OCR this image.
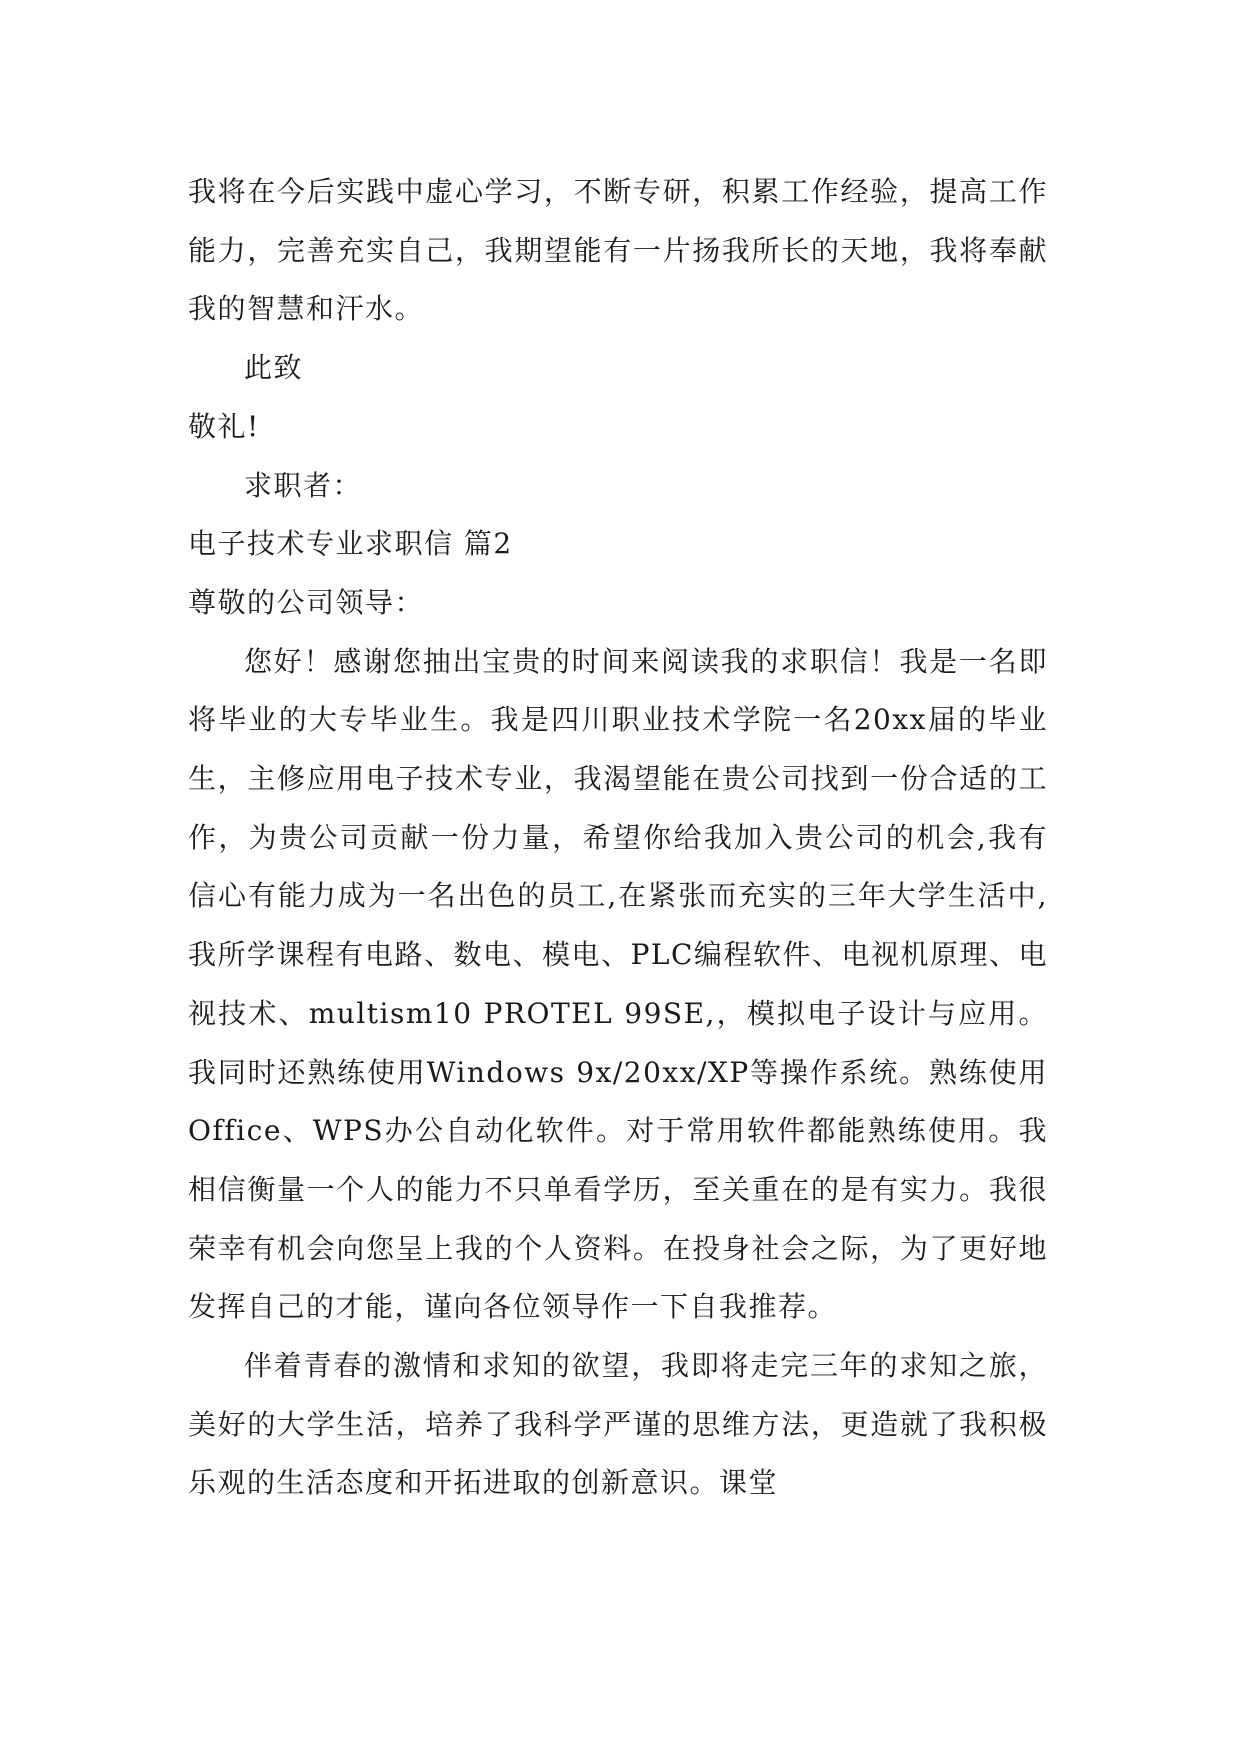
我将在今后实践中虚心学习，不断专研，积累工作经验，提高工作能力，完善充实自己，我期望能有一片扬我所长的天地，我将奉献我的智慧和汗水。

此致

敬礼!

求职者：

电子技术专业求职信 篇2

尊敬的公司领导：

您好！感谢您抽出宝贵的时间来阅读我的求职信！我是一名即将毕业的大专毕业生。我是四川职业技术学院一名20xx届的毕业生，主修应用电子技术专业，我渴望能在贵公司找到一份合适的工作，为贵公司贡献一份力量，希望你给我加入贵公司的机会,我有信心有能力成为一名出色的员工,在紧张而充实的三年大学生活中,我所学课程有电路、数电、模电、PLC编程软件、电视机原理、电视技术、multism10 PROTEL 99SE,，模拟电子设计与应用。我同时还熟练使用Windows 9x/20xx/XP等操作系统。熟练使用Office、WPS办公自动化软件。对于常用软件都能熟练使用。我相信衡量一个人的能力不只单看学历，至关重在的是有实力。我很荣幸有机会向您呈上我的个人资料。在投身社会之际，为了更好地发挥自己的才能，谨向各位领导作一下自我推荐。

伴着青春的激情和求知的欲望，我即将走完三年的求知之旅，美好的大学生活，培养了我科学严谨的思维方法，更造就了我积极乐观的生活态度和开拓进取的创新意识。课堂
